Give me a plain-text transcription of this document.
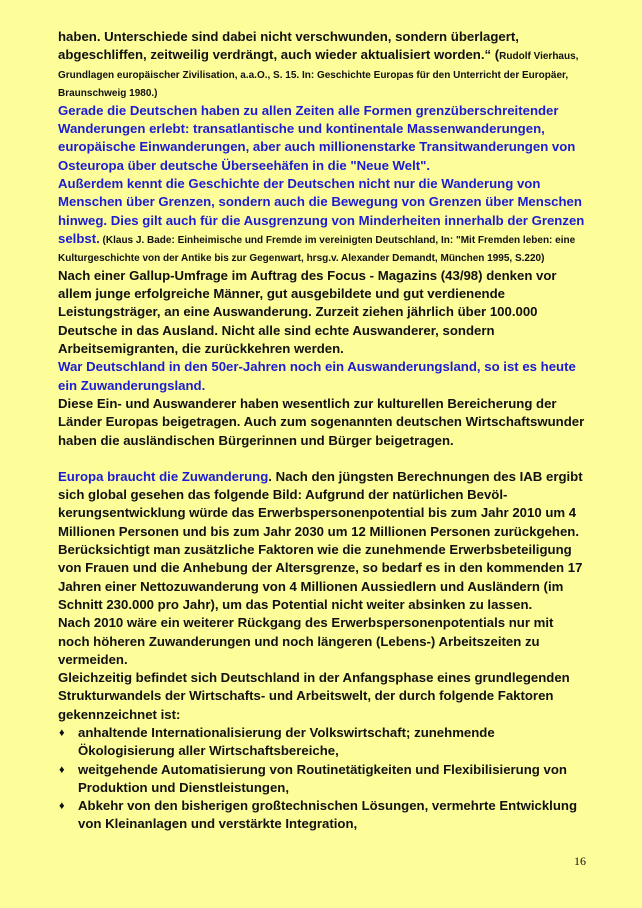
haben. Unterschiede sind dabei nicht verschwunden, sondern überlagert, abgeschliffen, zeitweilig verdrängt, auch wieder aktualisiert worden.“ (Rudolf Vierhaus, Grundlagen europäischer Zivilisation, a.a.O., S. 15. In: Geschichte Europas für den Unterricht der Europäer, Braunschweig 1980.)

Gerade die Deutschen haben zu allen Zeiten alle Formen grenzüberschreitender Wanderungen erlebt: transatlantische und kontinentale Massenwanderungen, europäische Einwanderungen, aber auch millionenstarke Transitwanderungen von Osteuropa über deutsche Überseehäfen in die "Neue Welt".

Außerdem kennt die Geschichte der Deutschen nicht nur die Wanderung von Menschen über Grenzen, sondern auch die Bewegung von Grenzen über Menschen hinweg. Dies gilt auch für die Ausgrenzung von Minderheiten innerhalb der Grenzen selbst. (Klaus J. Bade: Einheimische und Fremde im vereinigten Deutschland, In: "Mit Fremden leben: eine Kulturgeschichte von der Antike bis zur Gegenwart, hrsg.v. Alexander Demandt, München 1995, S.220)

Nach einer Gallup-Umfrage im Auftrag des Focus - Magazins (43/98) denken vor allem junge erfolgreiche Männer, gut ausgebildete und gut verdienende Leistungsträger, an eine Auswanderung. Zurzeit ziehen jährlich über 100.000 Deutsche in das Ausland. Nicht alle sind echte Auswanderer, sondern Arbeitsemigranten, die zurückkehren werden.

War Deutschland in den 50er-Jahren noch ein Auswanderungsland, so ist es heute ein Zuwanderungsland.

Diese Ein- und Auswanderer haben wesentlich zur kulturellen Bereicherung der Länder Europas beigetragen. Auch zum sogenannten deutschen Wirtschaftswunder haben die ausländischen Bürgerinnen und Bürger beigetragen.

Europa braucht die Zuwanderung. Nach den jüngsten Berechnungen des IAB ergibt sich global gesehen das folgende Bild: Aufgrund der natürlichen Bevöl-kerungsentwicklung würde das Erwerbspersonenpotential bis zum Jahr 2010 um 4 Millionen Personen und bis zum Jahr 2030 um 12 Millionen Personen zurückgehen. Berücksichtigt man zusätzliche Faktoren wie die zunehmende Erwerbsbeteiligung von Frauen und die Anhebung der Altersgrenze, so bedarf es in den kommenden 17 Jahren einer Nettozuwanderung von 4 Millionen Aussiedlern und Ausländern (im Schnitt 230.000 pro Jahr), um das Potential nicht weiter absinken zu lassen.

Nach 2010 wäre ein weiterer Rückgang des Erwerbspersonenpotentials nur mit noch höheren Zuwanderungen und noch längeren (Lebens-) Arbeitszeiten zu vermeiden.

Gleichzeitig befindet sich Deutschland in der Anfangsphase eines grundlegenden Strukturwandels der Wirtschafts- und Arbeitswelt, der durch folgende Faktoren gekennzeichnet ist:

♦ anhaltende Internationalisierung der Volkswirtschaft; zunehmende Ökologisierung aller Wirtschaftsbereiche,
♦ weitgehende Automatisierung von Routinetätigkeiten und Flexibilisierung von Produktion und Dienstleistungen,
♦ Abkehr von den bisherigen großtechnischen Lösungen, vermehrte Entwicklung von Kleinanlagen und verstärkte Integration,
16
